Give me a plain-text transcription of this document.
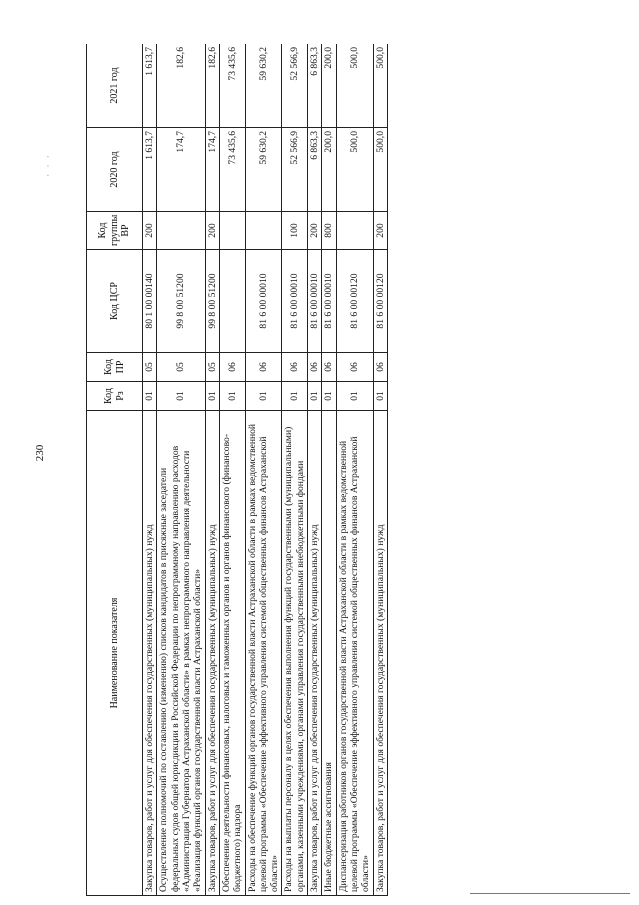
230
· · ·
Наименование показателя	Код Рз	Код ПР	Код ЦСР	Код группы ВР	2020 год	2021 год
Закупка товаров, работ и услуг для обеспечения государственных (муниципальных) нужд	01	05	80 1 00 00140	200	1 613,7	1 613,7
Осуществление полномочий по составлению (изменению) списков кандидатов в присяжные заседатели федеральных судов общей юрисдикции в Российской Федерации по непрограммному направлению расходов «Администрация Губернатора Астраханской области» в рамках непрограммного направления деятельности «Реализация функций органов государственной власти Астраханской области»	01	05	99 8 00 51200		174,7	182,6
Закупка товаров, работ и услуг для обеспечения государственных (муниципальных) нужд	01	05	99 8 00 51200	200	174,7	182,6
Обеспечение деятельности финансовых, налоговых и таможенных органов и органов финансового (финансово-бюджетного) надзора	01	06			73 435,6	73 435,6
Расходы на обеспечение функций органов государственной власти Астраханской области в рамках ведомственной целевой программы «Обеспечение эффективного управления системой общественных финансов Астраханской области»	01	06	81 6 00 00010		59 630,2	59 630,2
Расходы на выплаты персоналу в целях обеспечения выполнения функций государственными (муниципальными) органами, казенными учреждениями, органами управления государственными внебюджетными фондами	01	06	81 6 00 00010	100	52 566,9	52 566,9
Закупка товаров, работ и услуг для обеспечения государственных (муниципальных) нужд	01	06	81 6 00 00010	200	6 863,3	6 863,3
Иные бюджетные ассигнования	01	06	81 6 00 00010	800	200,0	200,0
Диспансеризация работников органов государственной власти Астраханской области в рамках ведомственной целевой программы «Обеспечение эффективного управления системой общественных финансов Астраханской области»	01	06	81 6 00 00120		500,0	500,0
Закупка товаров, работ и услуг для обеспечения государственных (муниципальных) нужд	01	06	81 6 00 00120	200	500,0	500,0
